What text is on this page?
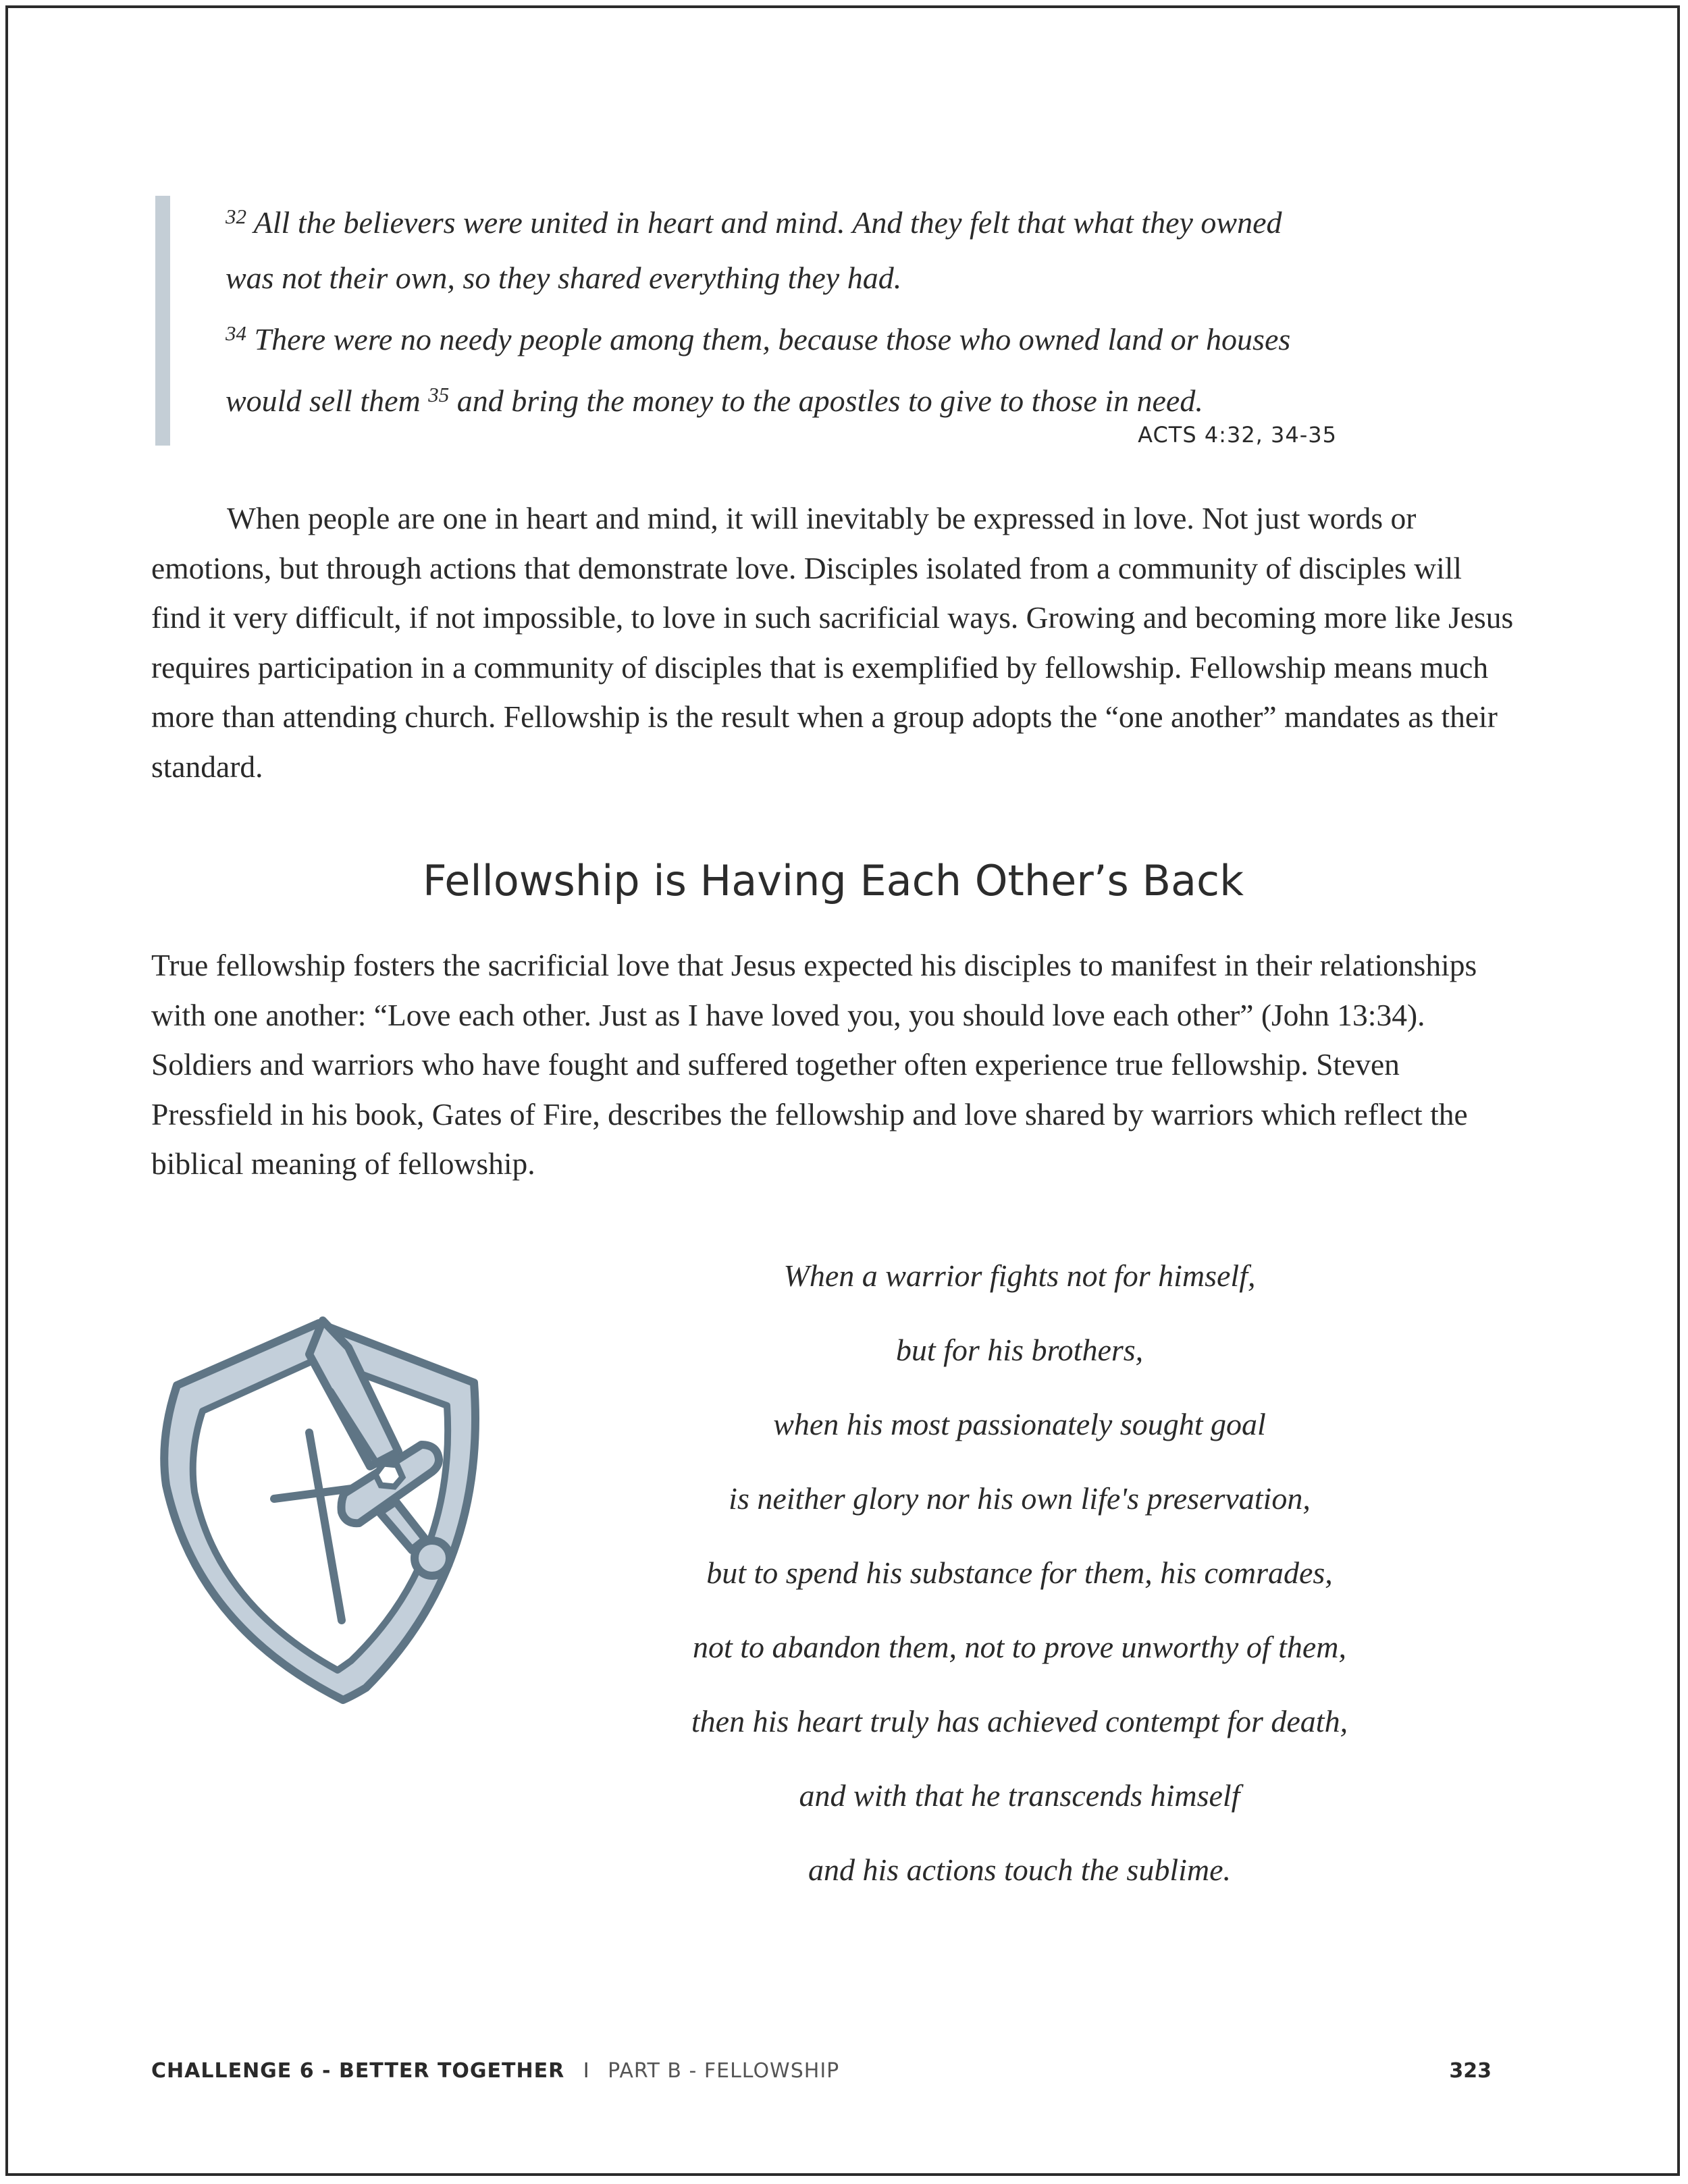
$^{32}$ All the believers were united in heart and mind. And they felt that what they owned
was not their own, so they shared everything they had.
$^{34}$ There were no needy people among them, because those who owned land or houses
would sell them $^{35}$ and bring the money to the apostles to give to those in need.
ACTS 4:32, 34-35

When people are one in heart and mind, it will inevitably be expressed in love. Not just words or emotions, but through actions that demonstrate love. Disciples isolated from a community of disciples will find it very difficult, if not impossible, to love in such sacrificial ways. Growing and becoming more like Jesus requires participation in a community of disciples that is exemplified by fellowship. Fellowship means much more than attending church. Fellowship is the result when a group adopts the “one another” mandates as their standard.

Fellowship is Having Each Other’s Back

True fellowship fosters the sacrificial love that Jesus expected his disciples to manifest in their relationships with one another: “Love each other. Just as I have loved you, you should love each other” (John 13:34). Soldiers and warriors who have fought and suffered together often experience true fellowship. Steven Pressfield in his book, Gates of Fire, describes the fellowship and love shared by warriors which reflect the biblical meaning of fellowship.

When a warrior fights not for himself,
but for his brothers,
when his most passionately sought goal
is neither glory nor his own life's preservation,
but to spend his substance for them, his comrades,
not to abandon them, not to prove unworthy of them,
then his heart truly has achieved contempt for death,
and with that he transcends himself
and his actions touch the sublime.
CHALLENGE 6 - BETTER TOGETHER I PART B - FELLOWSHIP	323
